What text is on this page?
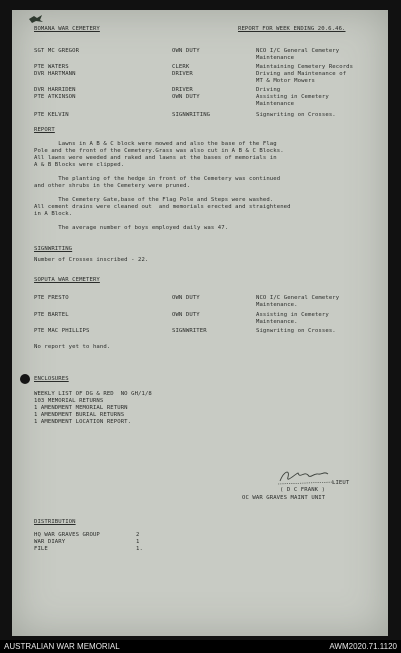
BOMANA WAR CEMETERY	REPORT FOR WEEK ENDING 20.6.46.
SGT MC GREGOR	OWN DUTY	NCO I/C General Cemetery
Maintenance
PTE WATERS	CLERK	Maintaining Cemetery Records
DVR HARTMANN	DRIVER	Driving and Maintenance of
MT & Motor Mowers
DVR HARRIDEN	DRIVER	Driving
PTE ATKINSON	OWN DUTY	Assisting in Cemetery
Maintenance
PTE KELVIN	SIGNWRITING	Signwriting on Crosses.
REPORT
Lawns in A B & C block were mowed and also the base of the Flag
Pole and the front of the Cemetery.Grass was also cut in A B & C Blocks.
All lawns were weeded and raked and lawns at the bases of memorials in
A & B Blocks were clipped.
The planting of the hedge in front of the Cemetery was continued
and other shrubs in the Cemetery were pruned.
The Cemetery Gate,base of the Flag Pole and Steps were washed.
All cement drains were cleaned out  and memorials erected and straightened
in A Block.
The average number of boys employed daily was 47.
SIGNWRITING
Number of Crosses inscribed - 22.
SOPUTA WAR CEMETERY
PTE FRESTO	OWN DUTY	NCO I/C General Cemetery
Maintenance.
PTE BARTEL	OWN DUTY	Assisting in Cemetery
Maintenance.
PTE MAC PHILLIPS	SIGNWRITER	Signwriting on Crosses.
No report yet to hand.
ENCLOSURES
WEEKLY LIST OF DG & RED  NO GH/1/8
103 MEMORIAL RETURNS
1 AMENDMENT MEMORIAL RETURN
1 AMENDMENT BURIAL RETURNS
1 AMENDMENT LOCATION REPORT.
LIEUT
( D C FRANK )
OC WAR GRAVES MAINT UNIT
DISTRIBUTION
HQ WAR GRAVES GROUP	2
WAR DIARY	1
FILE	1.
AUSTRALIAN WAR MEMORIAL	AWM2020.71.1120
